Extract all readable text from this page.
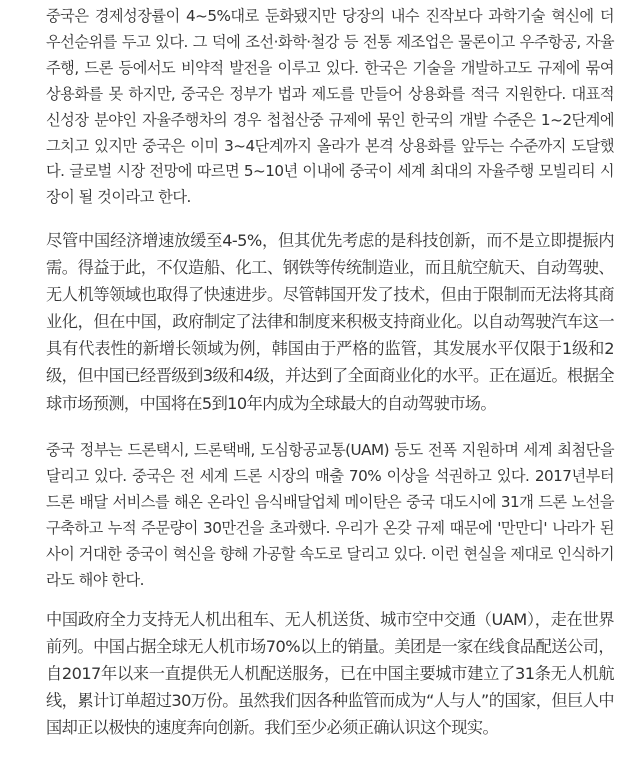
중국은 경제성장률이 4~5%대로 둔화됐지만 당장의 내수 진작보다 과학기술 혁신에 더 우선순위를 두고 있다. 그 덕에 조선·화학·철강 등 전통 제조업은 물론이고 우주항공, 자율주행, 드론 등에서도 비약적 발전을 이루고 있다. 한국은 기술을 개발하고도 규제에 묶여 상용화를 못 하지만, 중국은 정부가 법과 제도를 만들어 상용화를 적극 지원한다. 대표적 신성장 분야인 자율주행차의 경우 첩첩산중 규제에 묶인 한국의 개발 수준은 1~2단계에 그치고 있지만 중국은 이미 3~4단계까지 올라가 본격 상용화를 앞두는 수준까지 도달했다. 글로벌 시장 전망에 따르면 5~10년 이내에 중국이 세계 최대의 자율주행 모빌리티 시장이 될 것이라고 한다.

尽管中国经济增速放缓至4-5%，但其优先考虑的是科技创新，而不是立即提振内需。得益于此，不仅造船、化工、钢铁等传统制造业，而且航空航天、自动驾驶、无人机等领域也取得了快速进步。尽管韩国开发了技术，但由于限制而无法将其商业化，但在中国，政府制定了法律和制度来积极支持商业化。以自动驾驶汽车这一具有代表性的新增长领域为例，韩国由于严格的监管，其发展水平仅限于1级和2级，但中国已经晋级到3级和4级，并达到了全面商业化的水平。正在逼近。根据全球市场预测，中国将在5到10年内成为全球最大的自动驾驶市场。

중국 정부는 드론택시, 드론택배, 도심항공교통(UAM) 등도 전폭 지원하며 세계 최첨단을 달리고 있다. 중국은 전 세계 드론 시장의 매출 70% 이상을 석권하고 있다. 2017년부터 드론 배달 서비스를 해온 온라인 음식배달업체 메이탄은 중국 대도시에 31개 드론 노선을 구축하고 누적 주문량이 30만건을 초과했다. 우리가 온갖 규제 때문에 '만만디' 나라가 된 사이 거대한 중국이 혁신을 향해 가공할 속도로 달리고 있다. 이런 현실을 제대로 인식하기라도 해야 한다.

中国政府全力支持无人机出租车、无人机送货、城市空中交通（UAM），走在世界前列。中国占据全球无人机市场70%以上的销量。美团是一家在线食品配送公司，自2017年以来一直提供无人机配送服务，已在中国主要城市建立了31条无人机航线，累计订单超过30万份。虽然我们因各种监管而成为“人与人”的国家，但巨人中国却正以极快的速度奔向创新。我们至少必须正确认识这个现实。
